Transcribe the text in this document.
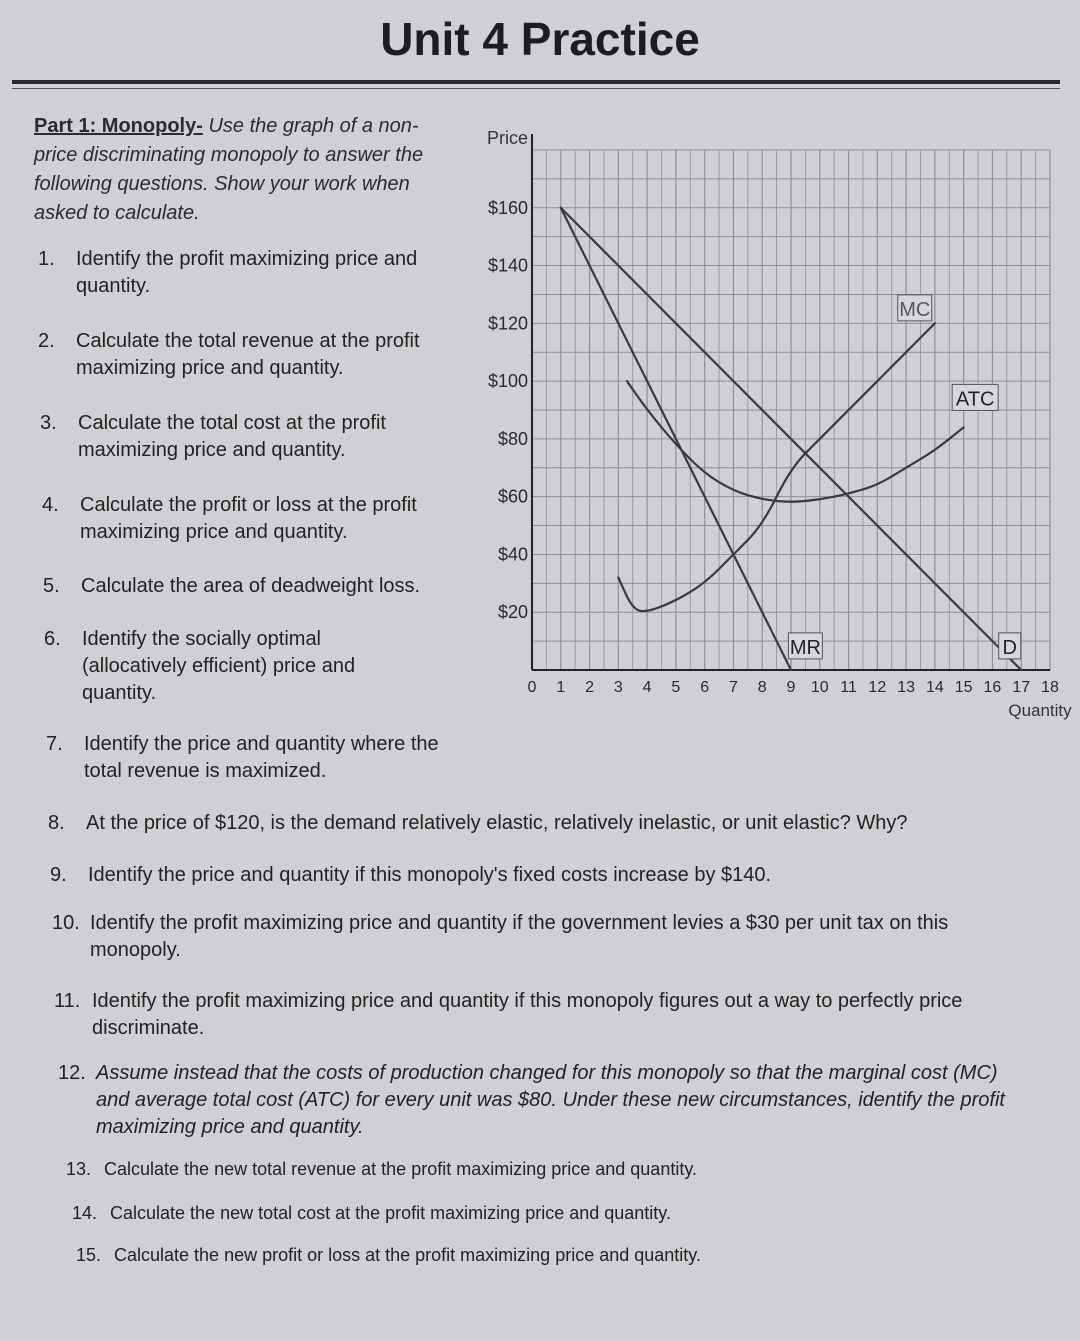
Unit 4 Practice
Part 1: Monopoly- Use the graph of a non-price discriminating monopoly to answer the following questions. Show your work when asked to calculate.
1.	Identify the profit maximizing price and quantity.
2.	Calculate the total revenue at the profit maximizing price and quantity.
3.	Calculate the total cost at the profit maximizing price and quantity.
4.	Calculate the profit or loss at the profit maximizing price and quantity.
5.	Calculate the area of deadweight loss.
6.	Identify the socially optimal (allocatively efficient) price and quantity.
7.	Identify the price and quantity where the total revenue is maximized.
8.	At the price of $120, is the demand relatively elastic, relatively inelastic, or unit elastic? Why?
9.	Identify the price and quantity if this monopoly's fixed costs increase by $140.
10. Identify the profit maximizing price and quantity if the government levies a $30 per unit tax on this monopoly.
11. Identify the profit maximizing price and quantity if this monopoly figures out a way to perfectly price discriminate.
12. Assume instead that the costs of production changed for this monopoly so that the marginal cost (MC) and average total cost (ATC) for every unit was $80. Under these new circumstances, identify the profit maximizing price and quantity.
13. Calculate the new total revenue at the profit maximizing price and quantity.
14. Calculate the new total cost at the profit maximizing price and quantity.
15. Calculate the new profit or loss at the profit maximizing price and quantity.
Price
Quantity
$20
$40
$60
$80
$100
$120
$140
$160
0 1 2 3 4 5 6 7 8 9 10 11 12 13 14 15 16 17 18
D
MR
MC
ATC
